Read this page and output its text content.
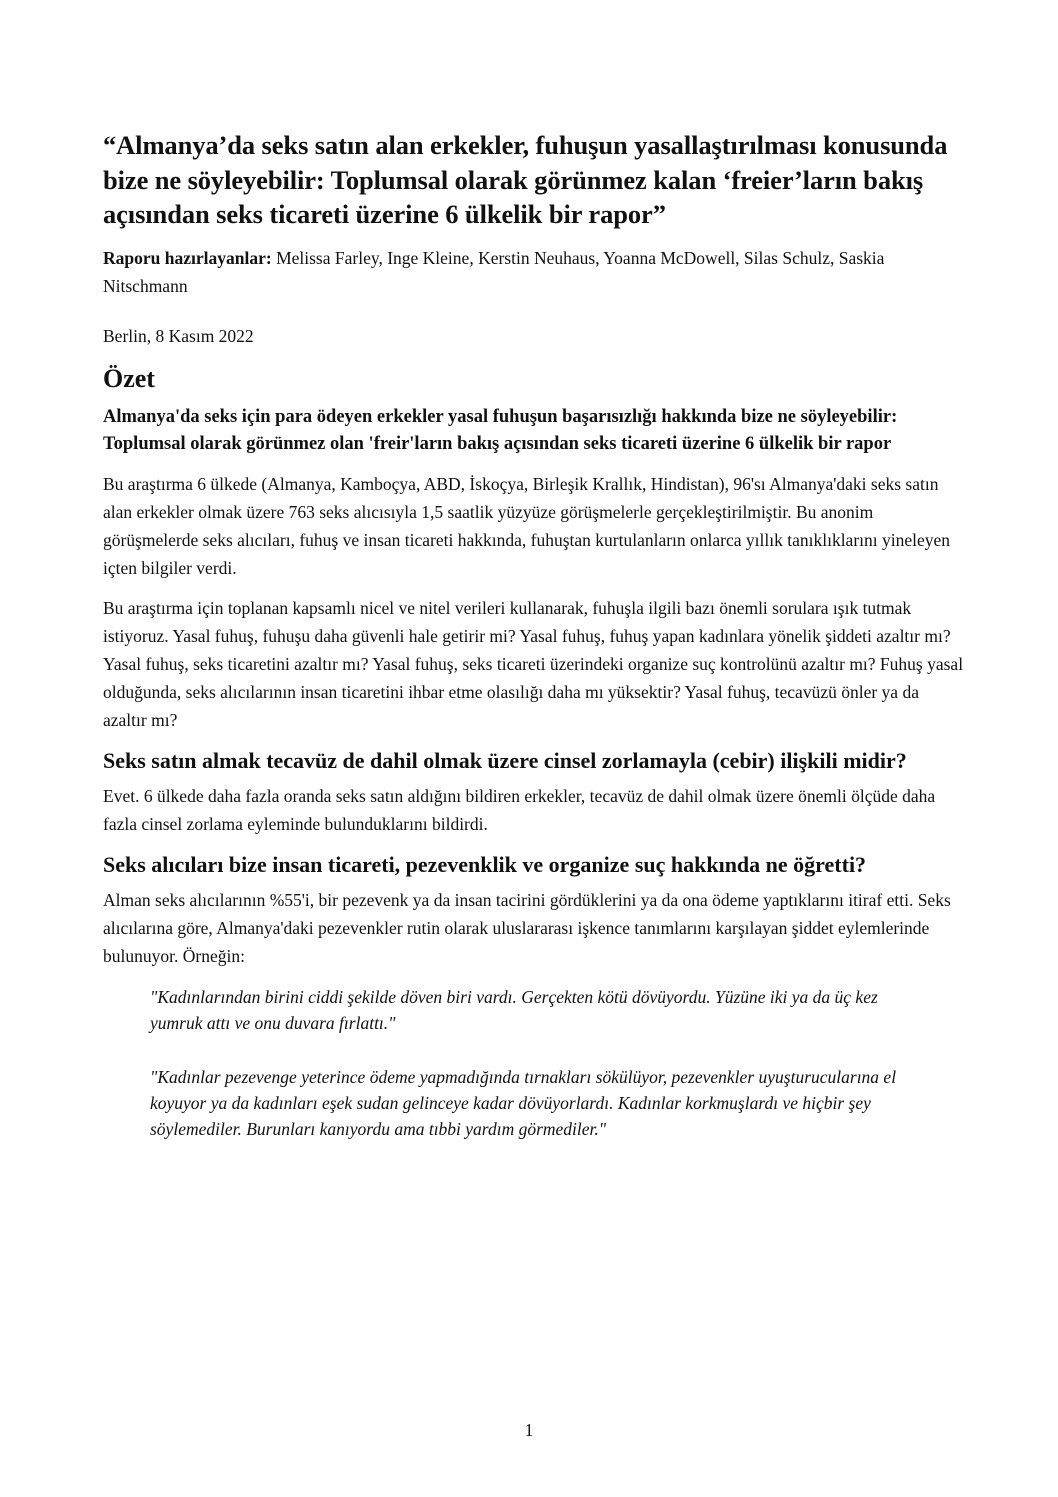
“Almanya’da seks satın alan erkekler, fuhuşun yasallaştırılması konusunda bize ne söyleyebilir: Toplumsal olarak görünmez kalan ‘freier’ların bakış açısından seks ticareti üzerine 6 ülkelik bir rapor”

Raporu hazırlayanlar: Melissa Farley, Inge Kleine, Kerstin Neuhaus, Yoanna McDowell, Silas Schulz, Saskia Nitschmann

Berlin, 8 Kasım 2022

Özet

Almanya'da seks için para ödeyen erkekler yasal fuhuşun başarısızlığı hakkında bize ne söyleyebilir: Toplumsal olarak görünmez olan 'freir'ların bakış açısından seks ticareti üzerine 6 ülkelik bir rapor

Bu araştırma 6 ülkede (Almanya, Kamboçya, ABD, İskoçya, Birleşik Krallık, Hindistan), 96'sı Almanya'daki seks satın alan erkekler olmak üzere 763 seks alıcısıyla 1,5 saatlik yüzyüze görüşmelerle gerçekleştirilmiştir. Bu anonim görüşmelerde seks alıcıları, fuhuş ve insan ticareti hakkında, fuhuştan kurtulanların onlarca yıllık tanıklıklarını yineleyen içten bilgiler verdi.

Bu araştırma için toplanan kapsamlı nicel ve nitel verileri kullanarak, fuhuşla ilgili bazı önemli sorulara ışık tutmak istiyoruz. Yasal fuhuş, fuhuşu daha güvenli hale getirir mi? Yasal fuhuş, fuhuş yapan kadınlara yönelik şiddeti azaltır mı? Yasal fuhuş, seks ticaretini azaltır mı? Yasal fuhuş, seks ticareti üzerindeki organize suç kontrolünü azaltır mı? Fuhuş yasal olduğunda, seks alıcılarının insan ticaretini ihbar etme olasılığı daha mı yüksektir? Yasal fuhuş, tecavüzü önler ya da azaltır mı?

Seks satın almak tecavüz de dahil olmak üzere cinsel zorlamayla (cebir) ilişkili midir?

Evet. 6 ülkede daha fazla oranda seks satın aldığını bildiren erkekler, tecavüz de dahil olmak üzere önemli ölçüde daha fazla cinsel zorlama eyleminde bulunduklarını bildirdi.

Seks alıcıları bize insan ticareti, pezevenklik ve organize suç hakkında ne öğretti?

Alman seks alıcılarının %55'i, bir pezevenk ya da insan tacirini gördüklerini ya da ona ödeme yaptıklarını itiraf etti. Seks alıcılarına göre, Almanya'daki pezevenkler rutin olarak uluslararası işkence tanımlarını karşılayan şiddet eylemlerinde bulunuyor. Örneğin:

"Kadınlarından birini ciddi şekilde döven biri vardı. Gerçekten kötü dövüyordu. Yüzüne iki ya da üç kez yumruk attı ve onu duvara fırlattı."

"Kadınlar pezevenge yeterince ödeme yapmadığında tırnakları sökülüyor, pezevenkler uyuşturucularına el koyuyor ya da kadınları eşek sudan gelinceye kadar dövüyorlardı. Kadınlar korkmuşlardı ve hiçbir şey söylemediler. Burunları kanıyordu ama tıbbi yardım görmediler."

1
